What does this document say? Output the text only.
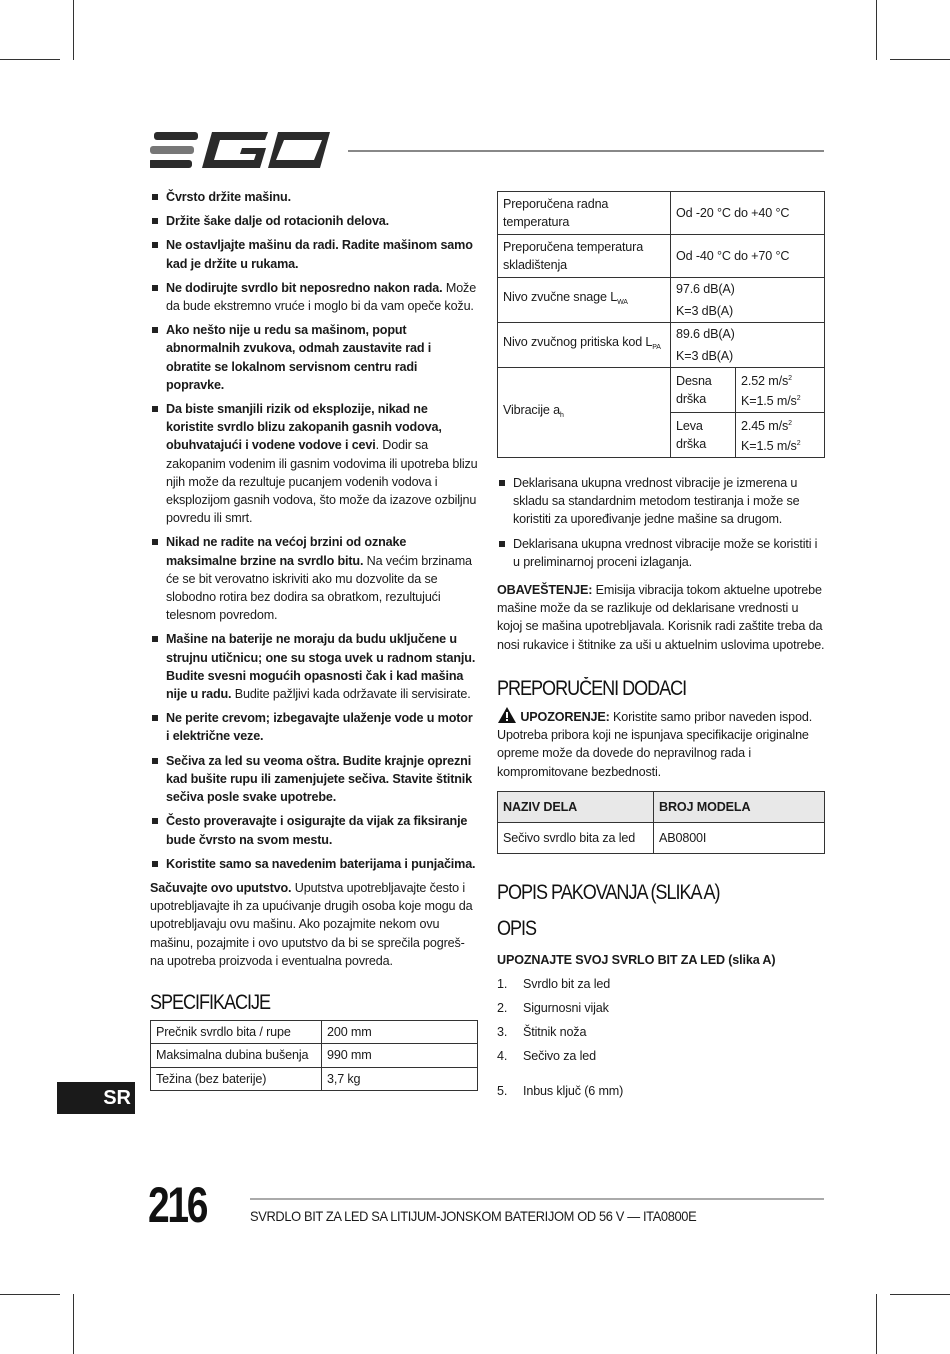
Čvrsto držite mašinu.
Držite šake dalje od rotacionih delova.
Ne ostavljajte mašinu da radi. Radite mašinom samo kad je držite u rukama.
Ne dodirujte svrdlo bit neposredno nakon rada. Može da bude ekstremno vruće i moglo bi da vam opeče kožu.
Ako nešto nije u redu sa mašinom, poput abnormalnih zvukova, odmah zaustavite rad i obratite se lokalnom servisnom centru radi popravke.
Da biste smanjili rizik od eksplozije, nikad ne koristite svrdlo blizu zakopanih gasnih vodova, obuhvatajući i vodene vodove i cevi. Dodir sa zakopanim vodenim ili gasnim vodovima ili upotreba blizu njih može da rezultuje pucanjem vodenih vodova i eksplozijom gasnih vodova, što može da izazove ozbiljnu povredu ili smrt.
Nikad ne radite na većoj brzini od oznake maksimalne brzine na svrdlo bitu. Na većim brzinama će se bit verovatno iskriviti ako mu dozvolite da se slobodno rotira bez dodira sa obratkom, rezultujući telesnom povredom.
Mašine na baterije ne moraju da budu uključene u strujnu utičnicu; one su stoga uvek u radnom stanju. Budite svesni mogućih opasnosti čak i kad mašina nije u radu. Budite pažljivi kada održavate ili servisirate.
Ne perite crevom; izbegavajte ulaženje vode u motor i električne veze.
Sečiva za led su veoma oštra. Budite krajnje oprezni kad bušite rupu ili zamenjujete sečiva. Stavite štitnik sečiva posle svake upotrebe.
Često proveravajte i osigurajte da vijak za fiksiranje bude čvrsto na svom mestu.
Koristite samo sa navedenim baterijama i punjačima.

Sačuvajte ovo uputstvo. Uputstva upotrebljavajte često i upotrebljavajte ih za upućivanje drugih osoba koje mogu da upotrebljavaju ovu mašinu. Ako pozajmite nekom ovu mašinu, pozajmite i ovo uputstvo da bi se sprečila pogreš-na upotreba proizvoda i eventualna povreda.

SPECIFIKACIJE
Prečnik svrdlo bita / rupe	200 mm
Maksimalna dubina bušenja	990 mm
Težina (bez baterije)	3,7 kg
Preporučena radna temperatura	Od -20 °C do +40 °C	
Preporučena temperatura skladištenja	Od -40 °C do +70 °C	
Nivo zvučne snage $L_{WA}$	97.6 dB(A)	
	K=3 dB(A)	
Nivo zvučnog pritiska kod $L_{PA}$	89.6 dB(A)	
	K=3 dB(A)	
Vibracije $a_h$	Desna drška	2.52 $m/s^2$
K=1.5 $m/s^2$
	Leva drška	2.45 $m/s^2$
K=1.5 $m/s^2$
Deklarisana ukupna vrednost vibracije je izmerena u skladu sa standardnim metodom testiranja i može se koristiti za upoređivanje jedne mašine sa drugom.
Deklarisana ukupna vrednost vibracije može se koristiti i u preliminarnoj proceni izlaganja.

OBAVEŠTENJE: Emisija vibracija tokom aktuelne upotrebe mašine može da se razlikuje od deklarisane vrednosti u kojoj se mašina upotrebljavala. Korisnik radi zaštite treba da nosi rukavice i štitnike za uši u aktuelnim uslovima upotrebe.

PREPORUČENI DODACI

UPOZORENJE: Koristite samo pribor naveden ispod. Upotreba pribora koji ne ispunjava specifikacije originalne opreme može da dovede do nepravilnog rada i kompromitovane bezbednosti.

NAZIV DELA	BROJ MODELA
Sečivo svrdlo bita za led	AB0800I
POPIS PAKOVANJA (SLIKA A)
OPIS

UPOZNAJTE SVOJ SVRLO BIT ZA LED (slika A)

1.	Svrdlo bit za led
2.	Sigurnosni vijak
3.	Štitnik noža
4.	Sečivo za led
5.	Inbus ključ (6 mm)
SR
216	SVRDLO BIT ZA LED SA LITIJUM-JONSKOM BATERIJOM OD 56 V — ITA0800E
